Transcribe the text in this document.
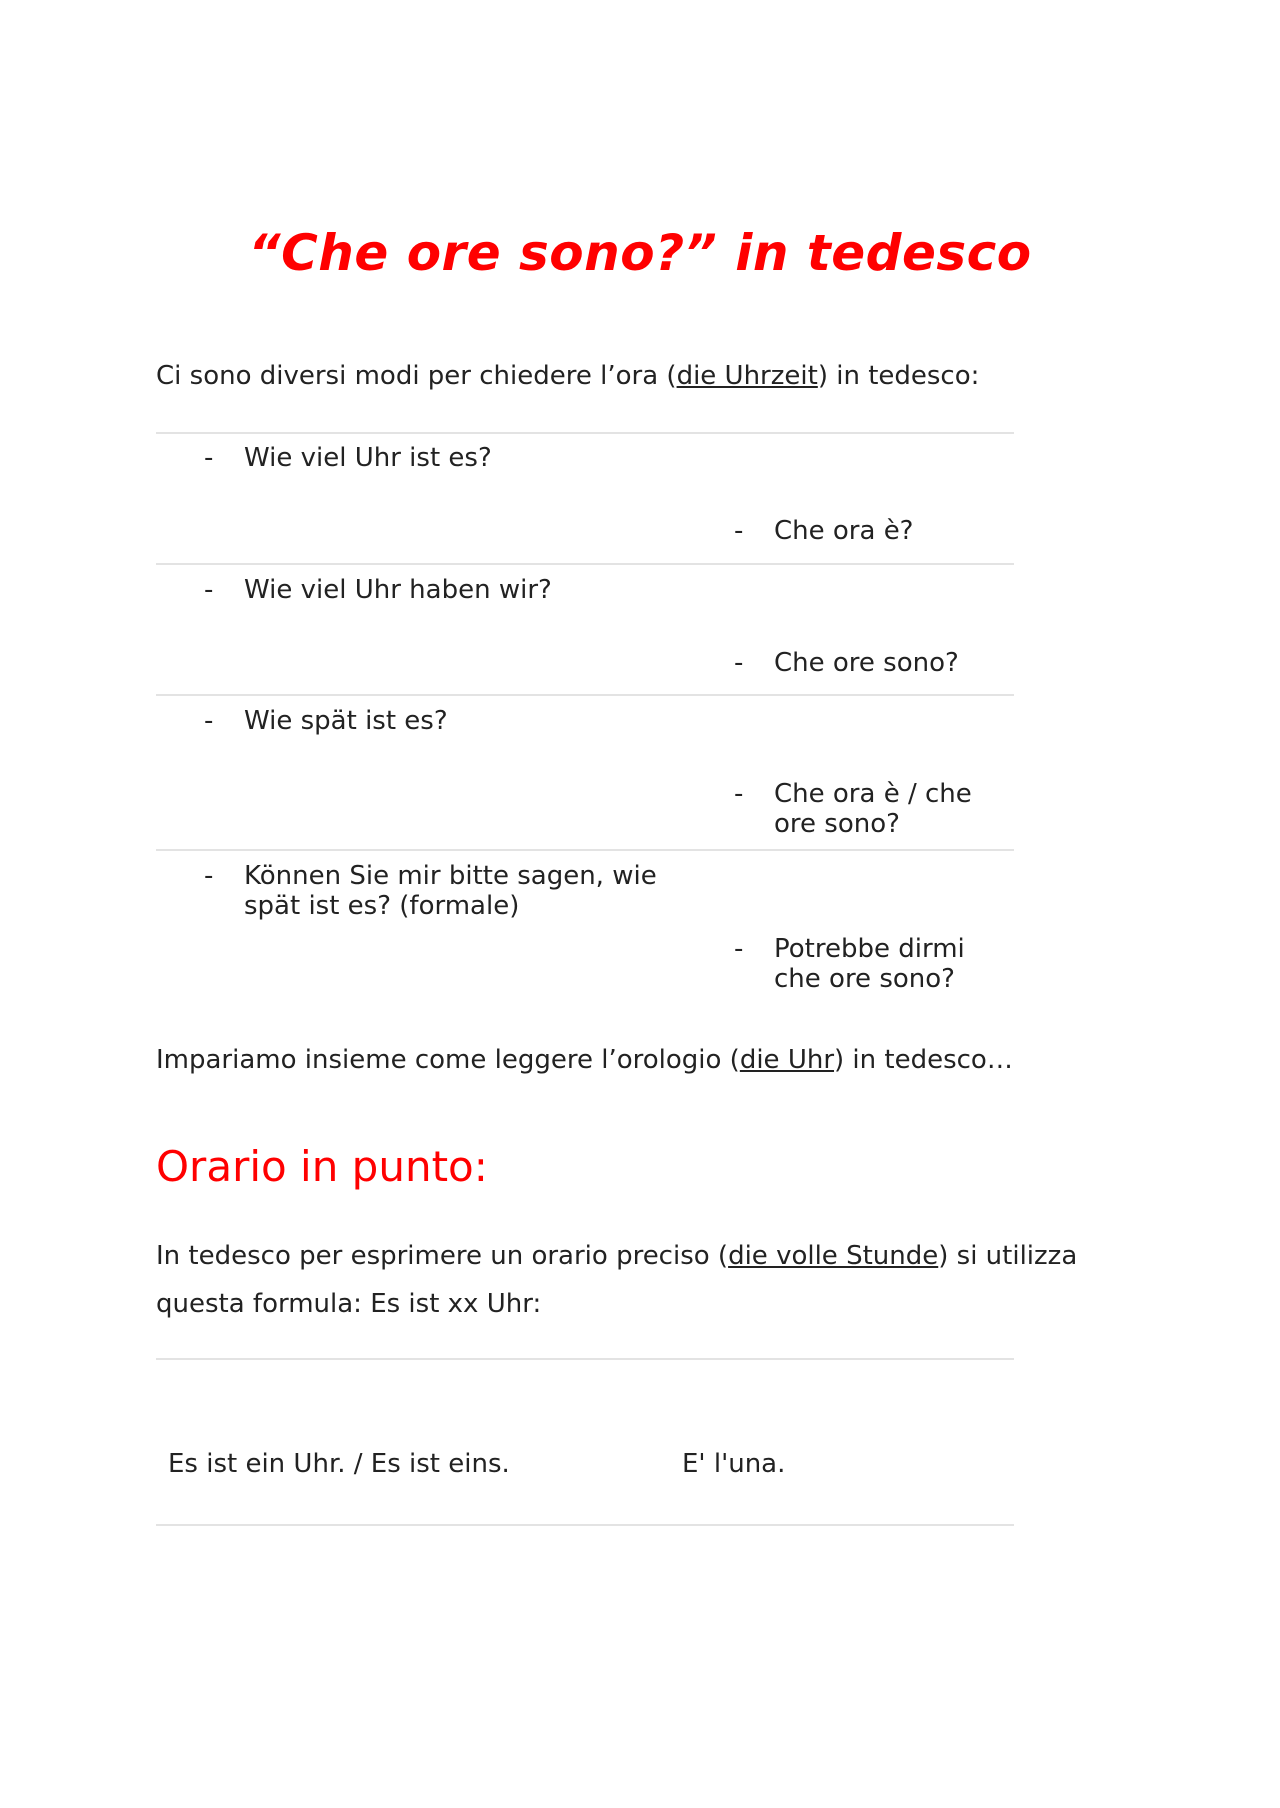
“Che ore sono?” in tedesco

Ci sono diversi modi per chiedere l’ora (die Uhrzeit) in tedesco:

- Wie viel Uhr ist es?
- Che ora è?
- Wie viel Uhr haben wir?
- Che ore sono?
- Wie spät ist es?
- Che ora è / che ore sono?
- Können Sie mir bitte sagen, wie spät ist es? (formale)
- Potrebbe dirmi che ore sono?

Impariamo insieme come leggere l’orologio (die Uhr) in tedesco…

Orario in punto:

In tedesco per esprimere un orario preciso (die volle Stunde) si utilizza questa formula: Es ist xx Uhr:

Es ist ein Uhr. / Es ist eins.	E' l'una.
